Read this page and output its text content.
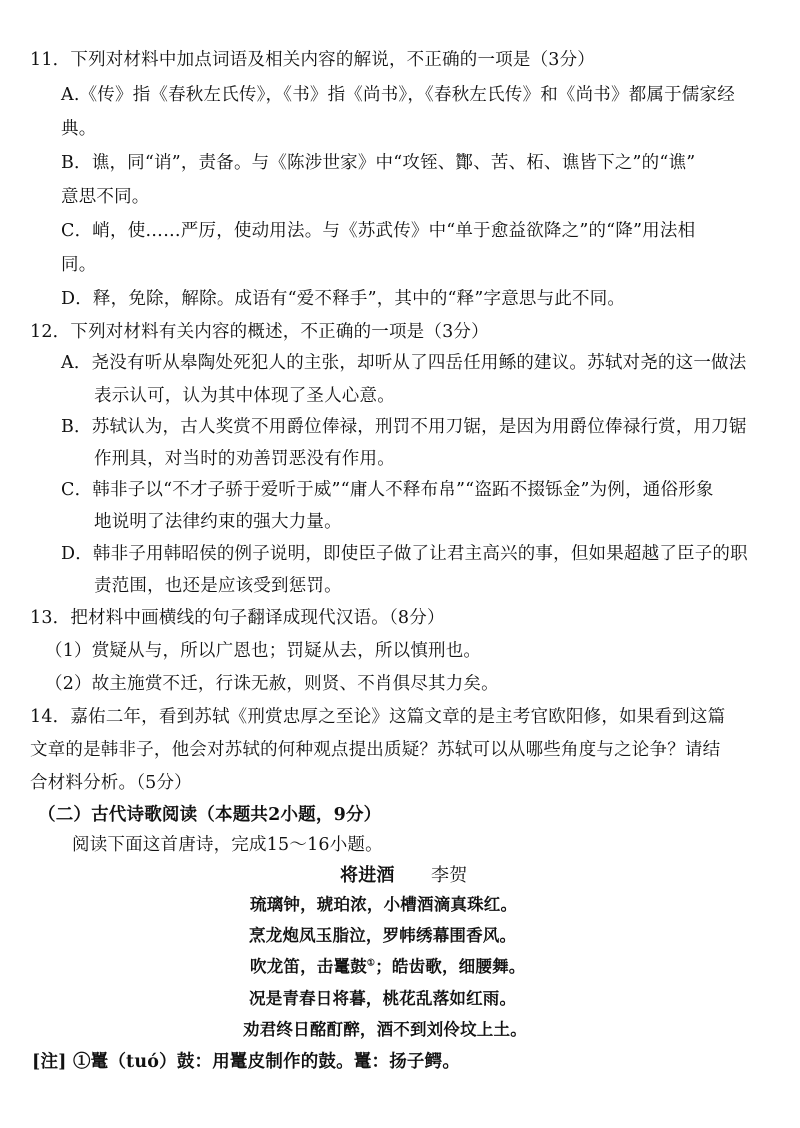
11．下列对材料中加点词语及相关内容的解说，不正确的一项是（3分）
A.《传》指《春秋左氏传》，《书》指《尚书》，《春秋左氏传》和《尚书》都属于儒家经
典。
B．谯，同“诮”，责备。与《陈涉世家》中“攻铚、酇、苦、柘、谯皆下之”的“谯”
意思不同。
C．峭，使……严厉，使动用法。与《苏武传》中“单于愈益欲降之”的“降”用法相
同。
D．释，免除，解除。成语有“爱不释手”，其中的“释”字意思与此不同。
12．下列对材料有关内容的概述，不正确的一项是（3分）
A．尧没有听从皋陶处死犯人的主张，却听从了四岳任用鲧的建议。苏轼对尧的这一做法
表示认可，认为其中体现了圣人心意。
B．苏轼认为，古人奖赏不用爵位俸禄，刑罚不用刀锯，是因为用爵位俸禄行赏，用刀锯
作刑具，对当时的劝善罚恶没有作用。
C．韩非子以“不才子骄于爱听于威”“庸人不释布帛”“盗跖不掇铄金”为例，通俗形象
地说明了法律约束的强大力量。
D．韩非子用韩昭侯的例子说明，即使臣子做了让君主高兴的事，但如果超越了臣子的职
责范围，也还是应该受到惩罚。
13．把材料中画横线的句子翻译成现代汉语。（8分）
（1）赏疑从与，所以广恩也；罚疑从去，所以慎刑也。
（2）故主施赏不迁，行诛无赦，则贤、不肖俱尽其力矣。
14．嘉佑二年，看到苏轼《刑赏忠厚之至论》这篇文章的是主考官欧阳修，如果看到这篇
文章的是韩非子，他会对苏轼的何种观点提出质疑？苏轼可以从哪些角度与之论争？请结
合材料分析。（5分）
（二）古代诗歌阅读（本题共2小题，9分）
阅读下面这首唐诗，完成15～16小题。
将进酒 李贺
琉璃钟，琥珀浓，小槽酒滴真珠红。
烹龙炮凤玉脂泣，罗帏绣幕围香风。
吹龙笛，击鼍鼓①；皓齿歌，细腰舞。
况是青春日将暮，桃花乱落如红雨。
劝君终日酩酊醉，酒不到刘伶坟上土。
[注] ①鼍（tuó）鼓：用鼍皮制作的鼓。鼍：扬子鳄。
